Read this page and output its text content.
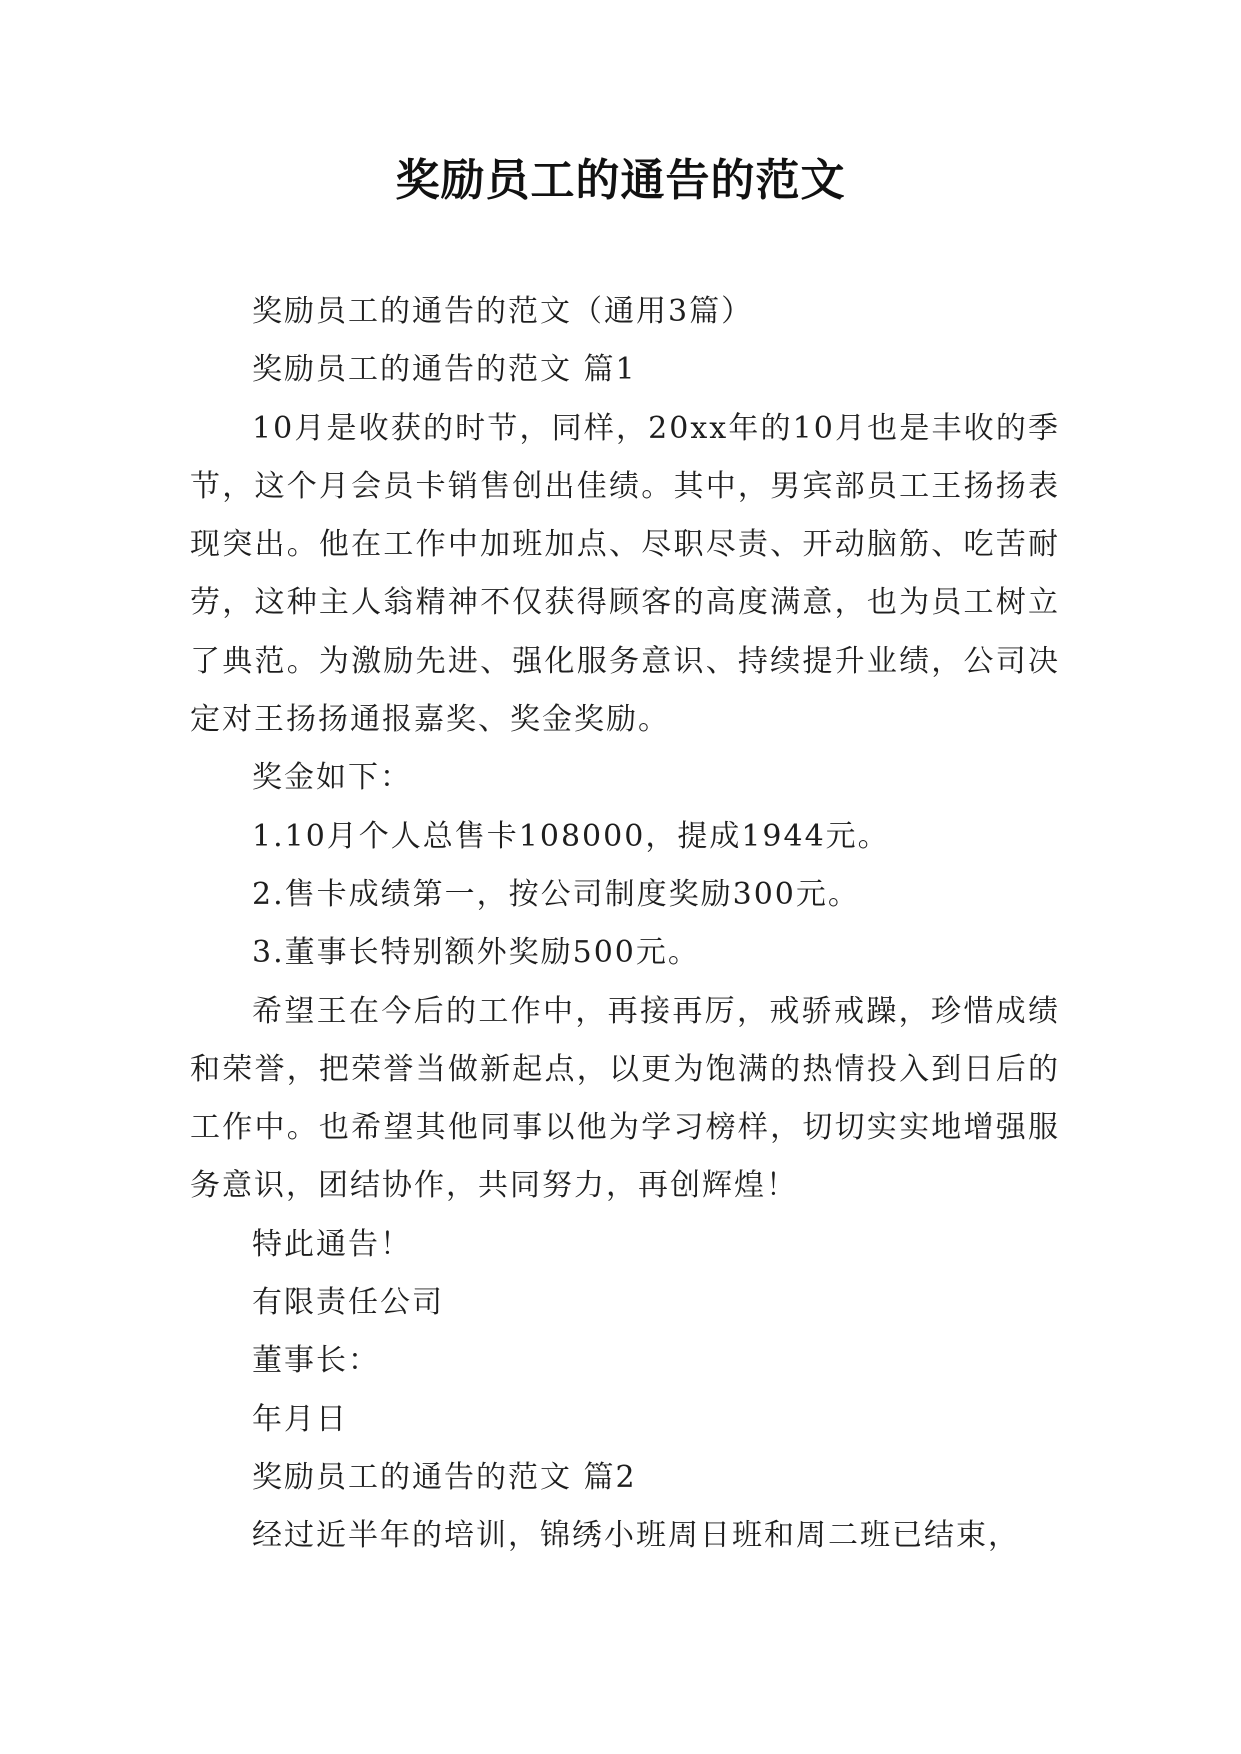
奖励员工的通告的范文

奖励员工的通告的范文（通用3篇）

奖励员工的通告的范文 篇1

10月是收获的时节，同样，20xx年的10月也是丰收的季节，这个月会员卡销售创出佳绩。其中，男宾部员工王扬扬表现突出。他在工作中加班加点、尽职尽责、开动脑筋、吃苦耐劳，这种主人翁精神不仅获得顾客的高度满意，也为员工树立了典范。为激励先进、强化服务意识、持续提升业绩，公司决定对王扬扬通报嘉奖、奖金奖励。

奖金如下：

1.10月个人总售卡108000，提成1944元。

2.售卡成绩第一，按公司制度奖励300元。

3.董事长特别额外奖励500元。

希望王在今后的工作中，再接再厉，戒骄戒躁，珍惜成绩和荣誉，把荣誉当做新起点，以更为饱满的热情投入到日后的工作中。也希望其他同事以他为学习榜样，切切实实地增强服务意识，团结协作，共同努力，再创辉煌！

特此通告！

有限责任公司

董事长：

年月日

奖励员工的通告的范文 篇2

经过近半年的培训，锦绣小班周日班和周二班已结束，
